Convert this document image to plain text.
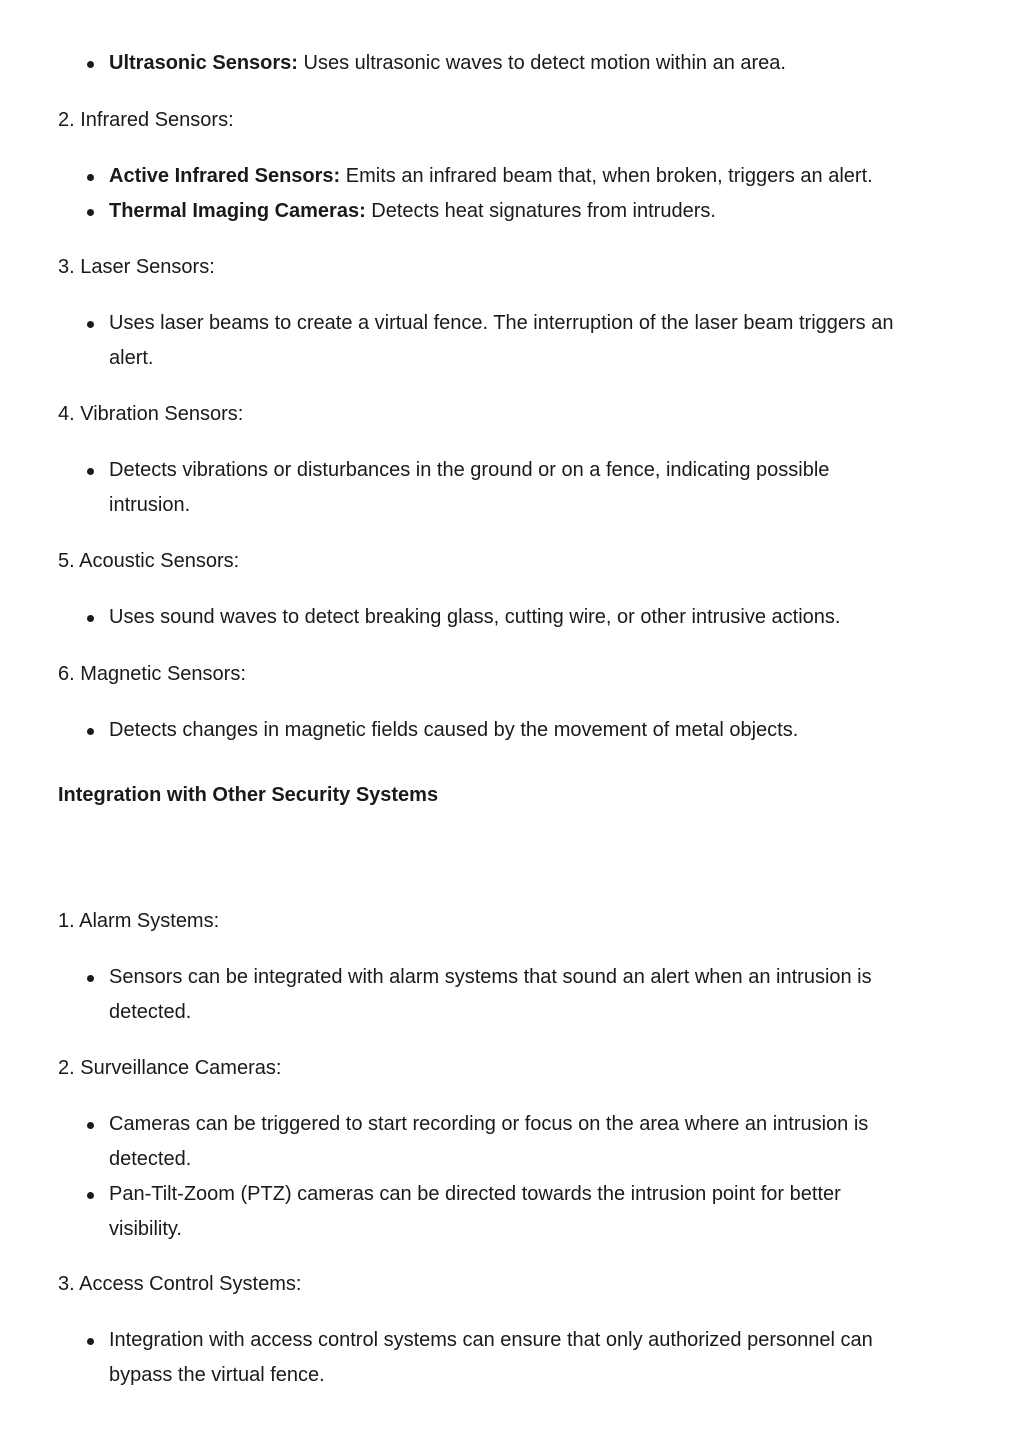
Ultrasonic Sensors: Uses ultrasonic waves to detect motion within an area.

2. Infrared Sensors:

Active Infrared Sensors: Emits an infrared beam that, when broken, triggers an alert.

Thermal Imaging Cameras: Detects heat signatures from intruders.

3. Laser Sensors:

Uses laser beams to create a virtual fence. The interruption of the laser beam triggers an

alert.

4. Vibration Sensors:

Detects vibrations or disturbances in the ground or on a fence, indicating possible

intrusion.

5. Acoustic Sensors:

Uses sound waves to detect breaking glass, cutting wire, or other intrusive actions.

6. Magnetic Sensors:

Detects changes in magnetic fields caused by the movement of metal objects.

Integration with Other Security Systems

1. Alarm Systems:

Sensors can be integrated with alarm systems that sound an alert when an intrusion is

detected.

2. Surveillance Cameras:

Cameras can be triggered to start recording or focus on the area where an intrusion is

detected.

Pan-Tilt-Zoom (PTZ) cameras can be directed towards the intrusion point for better

visibility.

3. Access Control Systems:

Integration with access control systems can ensure that only authorized personnel can

bypass the virtual fence.
